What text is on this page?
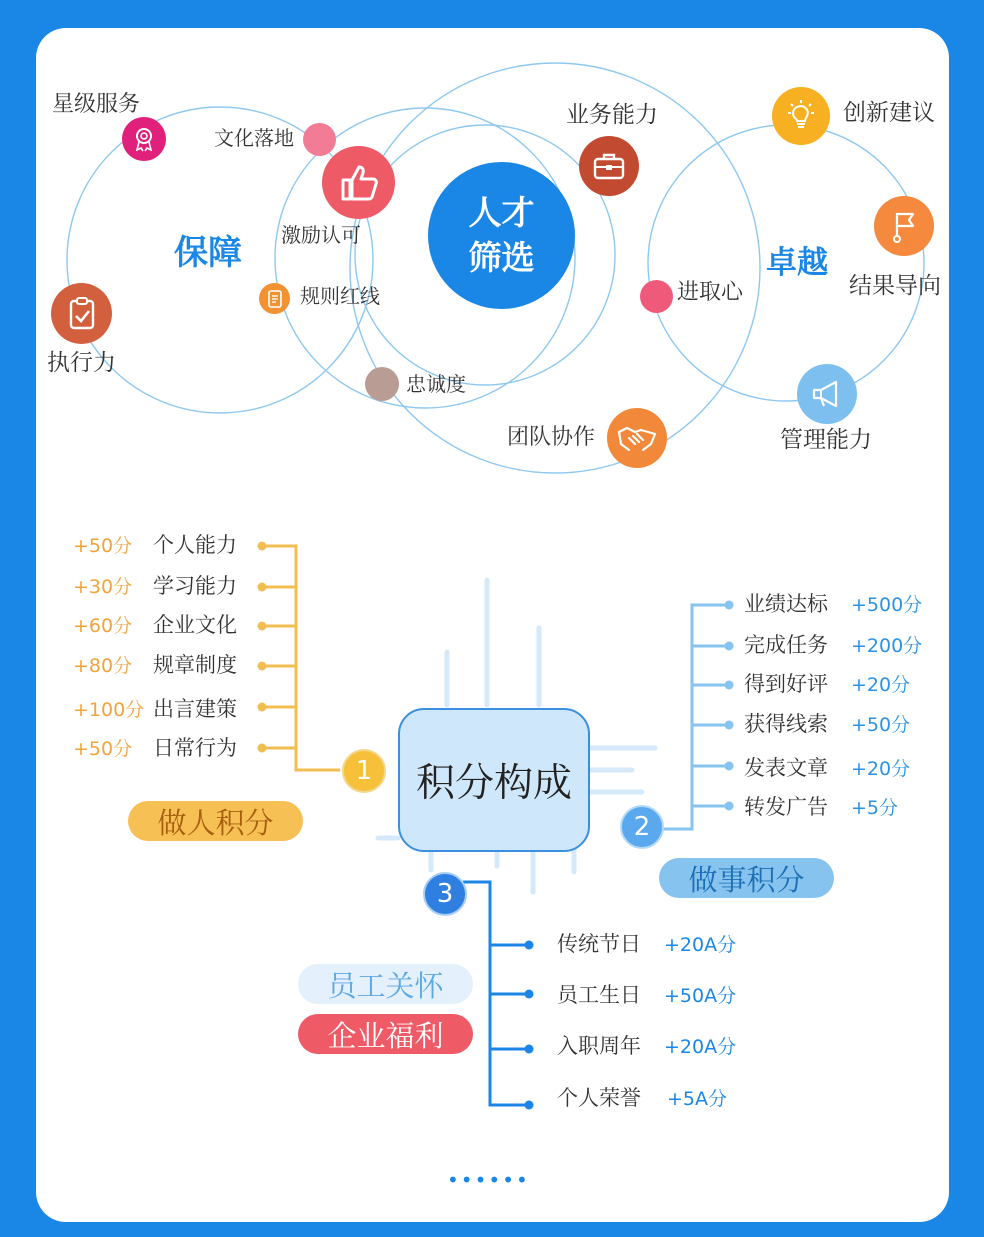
人才
筛选
保障	卓越
星级服务
文化落地
激励认可
规则红线
执行力
忠诚度
业务能力
进取心
团队协作
创新建议
结果导向
管理能力
积分构成
1
做人积分
+50分 个人能力
+30分 学习能力
+60分 企业文化
+80分 规章制度
+100分 出言建策
+50分 日常行为
2
做事积分
业绩达标 +500分
完成任务 +200分
得到好评 +20分
获得线索 +50分
发表文章 +20分
转发广告 +5分
3
员工关怀
企业福利
传统节日 +20A分
员工生日 +50A分
入职周年 +20A分
个人荣誉 +5A分
••••••
